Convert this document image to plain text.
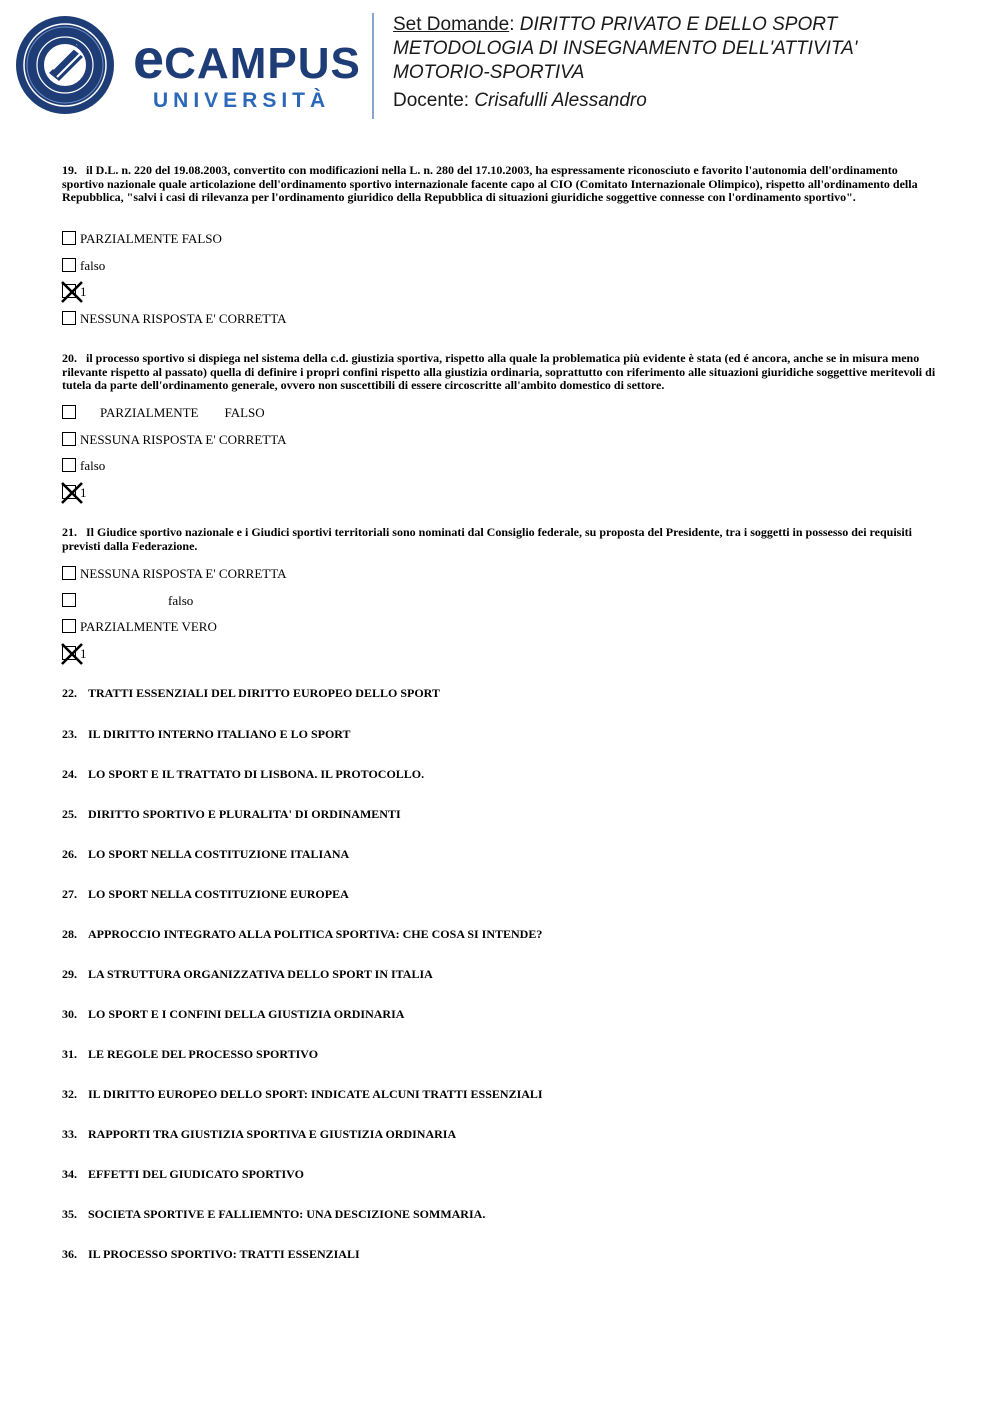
eCAMPUS
UNIVERSITÀ
Set Domande: DIRITTO PRIVATO E DELLO SPORT
METODOLOGIA DI INSEGNAMENTO DELL'ATTIVITA'
MOTORIO-SPORTIVA
Docente: Crisafulli Alessandro
19. il D.L. n. 220 del 19.08.2003, convertito con modificazioni nella L. n. 280 del 17.10.2003, ha espressamente riconosciuto e favorito l'autonomia dell'ordinamento sportivo nazionale quale articolazione dell'ordinamento sportivo internazionale facente capo al CIO (Comitato Internazionale Olimpico), rispetto all'ordinamento della Repubblica, "salvi i casi di rilevanza per l'ordinamento giuridico della Repubblica di situazioni giuridiche soggettive connesse con l'ordinamento sportivo".
PARZIALMENTE FALSO
falso
1
NESSUNA RISPOSTA E' CORRETTA
20. il processo sportivo si dispiega nel sistema della c.d. giustizia sportiva, rispetto alla quale la problematica più evidente è stata (ed é ancora, anche se in misura meno rilevante rispetto al passato) quella di definire i propri confini rispetto alla giustizia ordinaria, soprattutto con riferimento alle situazioni giuridiche soggettive meritevoli di tutela da parte dell'ordinamento generale, ovvero non suscettibili di essere circoscritte all'ambito domestico di settore.
PARZIALMENTE        FALSO
NESSUNA RISPOSTA E' CORRETTA
falso
1
21. Il Giudice sportivo nazionale e i Giudici sportivi territoriali sono nominati dal Consiglio federale, su proposta del Presidente, tra i soggetti in possesso dei requisiti previsti dalla Federazione.
NESSUNA RISPOSTA E' CORRETTA
falso
PARZIALMENTE VERO
1
22. TRATTI ESSENZIALI DEL DIRITTO EUROPEO DELLO SPORT
23. IL DIRITTO INTERNO ITALIANO E LO SPORT
24. LO SPORT E IL TRATTATO DI LISBONA. IL PROTOCOLLO.
25. DIRITTO SPORTIVO E PLURALITA' DI ORDINAMENTI
26. LO SPORT NELLA COSTITUZIONE ITALIANA
27. LO SPORT NELLA COSTITUZIONE EUROPEA
28. APPROCCIO INTEGRATO ALLA POLITICA SPORTIVA: CHE COSA SI INTENDE?
29. LA STRUTTURA ORGANIZZATIVA DELLO SPORT IN ITALIA
30. LO SPORT E I CONFINI DELLA GIUSTIZIA ORDINARIA
31. LE REGOLE DEL PROCESSO SPORTIVO
32. IL DIRITTO EUROPEO DELLO SPORT: INDICATE ALCUNI TRATTI ESSENZIALI
33. RAPPORTI TRA GIUSTIZIA SPORTIVA E GIUSTIZIA ORDINARIA
34. EFFETTI DEL GIUDICATO SPORTIVO
35. SOCIETA SPORTIVE E FALLIEMNTO: UNA DESCIZIONE SOMMARIA.
36. IL PROCESSO SPORTIVO: TRATTI ESSENZIALI
